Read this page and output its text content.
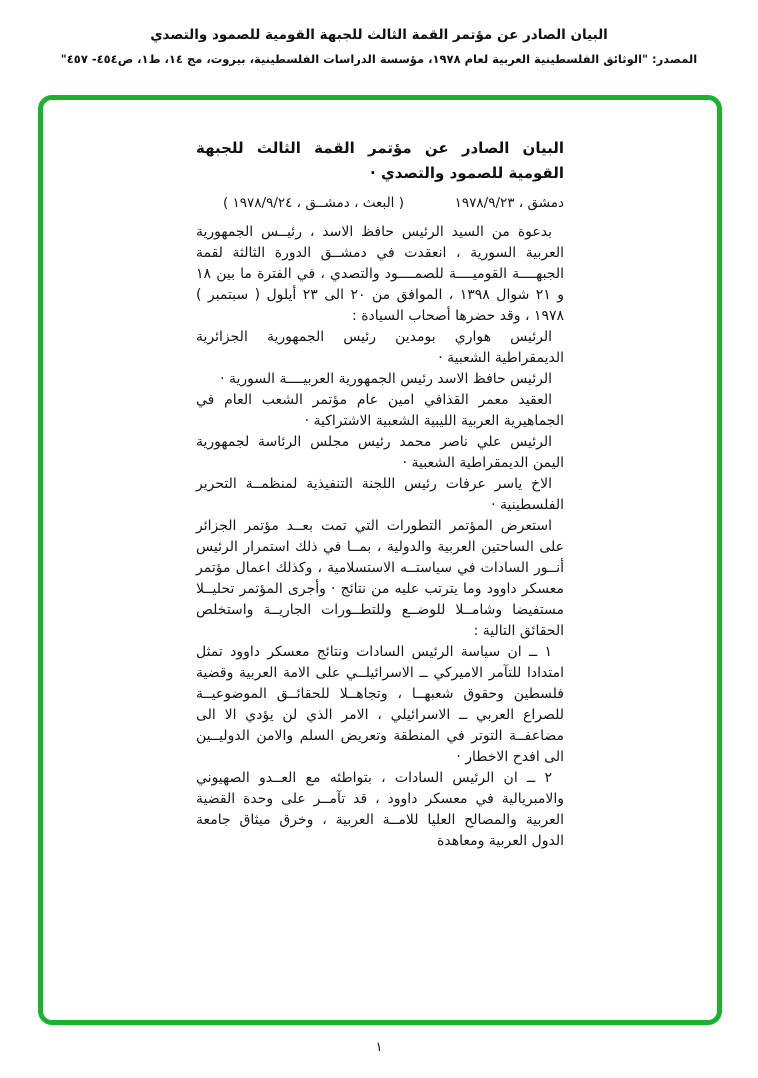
البيان الصادر عن مؤتمر القمة الثالث للجبهة القومية للصمود والتصدي
المصدر: "الوثائق الفلسطينية العربية لعام ١٩٧٨، مؤسسة الدراسات الفلسطينية، بيروت، مج ١٤، ط١، ص٤٥٤- ٤٥٧"

البيان الصادر عن مؤتمر القمة الثالث للجبهة القومية للصمود والتصدي ·

دمشق ، ١٩٧٨/٩/٢٣
( البعث ، دمشــق ، ١٩٧٨/٩/٢٤ )

بدعوة من السيد الرئيس حافظ الاسد ، رئيــس الجمهورية العربية السورية ، انعقدت في دمشــق الدورة الثالثة لقمة الجبهــــة القوميــــة للصمــــود والتصدي ، في الفترة ما بين ١٨ و ٢١ شوال ١٣٩٨ ، الموافق من ٢٠ الى ٢٣ أيلول ( سبتمبر ) ١٩٧٨ ، وقد حضرها أصحاب السيادة :

الرئيس هواري بومدين رئيس الجمهورية الجزائرية الديمقراطية الشعبية ·

الرئيس حافظ الاسد رئيس الجمهورية العربيــــة السورية ·

العقيد معمر القذافي امين عام مؤتمر الشعب العام في الجماهيرية العربية الليبية الشعبية الاشتراكية ·

الرئيس علي ناصر محمد رئيس مجلس الرئاسة لجمهورية اليمن الديمقراطية الشعبية ·

الاخ ياسر عرفات رئيس اللجنة التنفيذية لمنظمــة التحرير الفلسطينية ·

استعرض المؤتمر التطورات التي تمت بعــد مؤتمر الجزائر على الساحتين العربية والدولية ، بمــا في ذلك استمرار الرئيس أنــور السادات في سياستــه الاستسلامية ، وكذلك اعمال مؤتمر معسكر داوود وما يترتب عليه من نتائج · وأجرى المؤتمر تحليــلا مستفيضا وشامــلا للوضــع وللتطــورات الجاريــة واستخلص الحقائق التالية :

١ ــ ان سياسة الرئيس السادات ونتائج معسكر داوود تمثل امتدادا للتآمر الاميركي ــ الاسرائيلــي على الامة العربية وقضية فلسطين وحقوق شعبهــا ، وتجاهــلا للحقائــق الموضوعيــة للصراع العربي ــ الاسرائيلي ، الامر الذي لن يؤدي الا الى مضاعفــة التوتر في المنطقة وتعريض السلم والامن الدوليــين الى افدح الاخطار ·

٢ ــ ان الرئيس السادات ، بتواطئه مع العــدو الصهيوني والامبريالية في معسكر داوود ، قد تآمــر على وحدة القضية العربية والمصالح العليا للامــة العربية ، وخرق ميثاق جامعة الدول العربية ومعاهدة

١
